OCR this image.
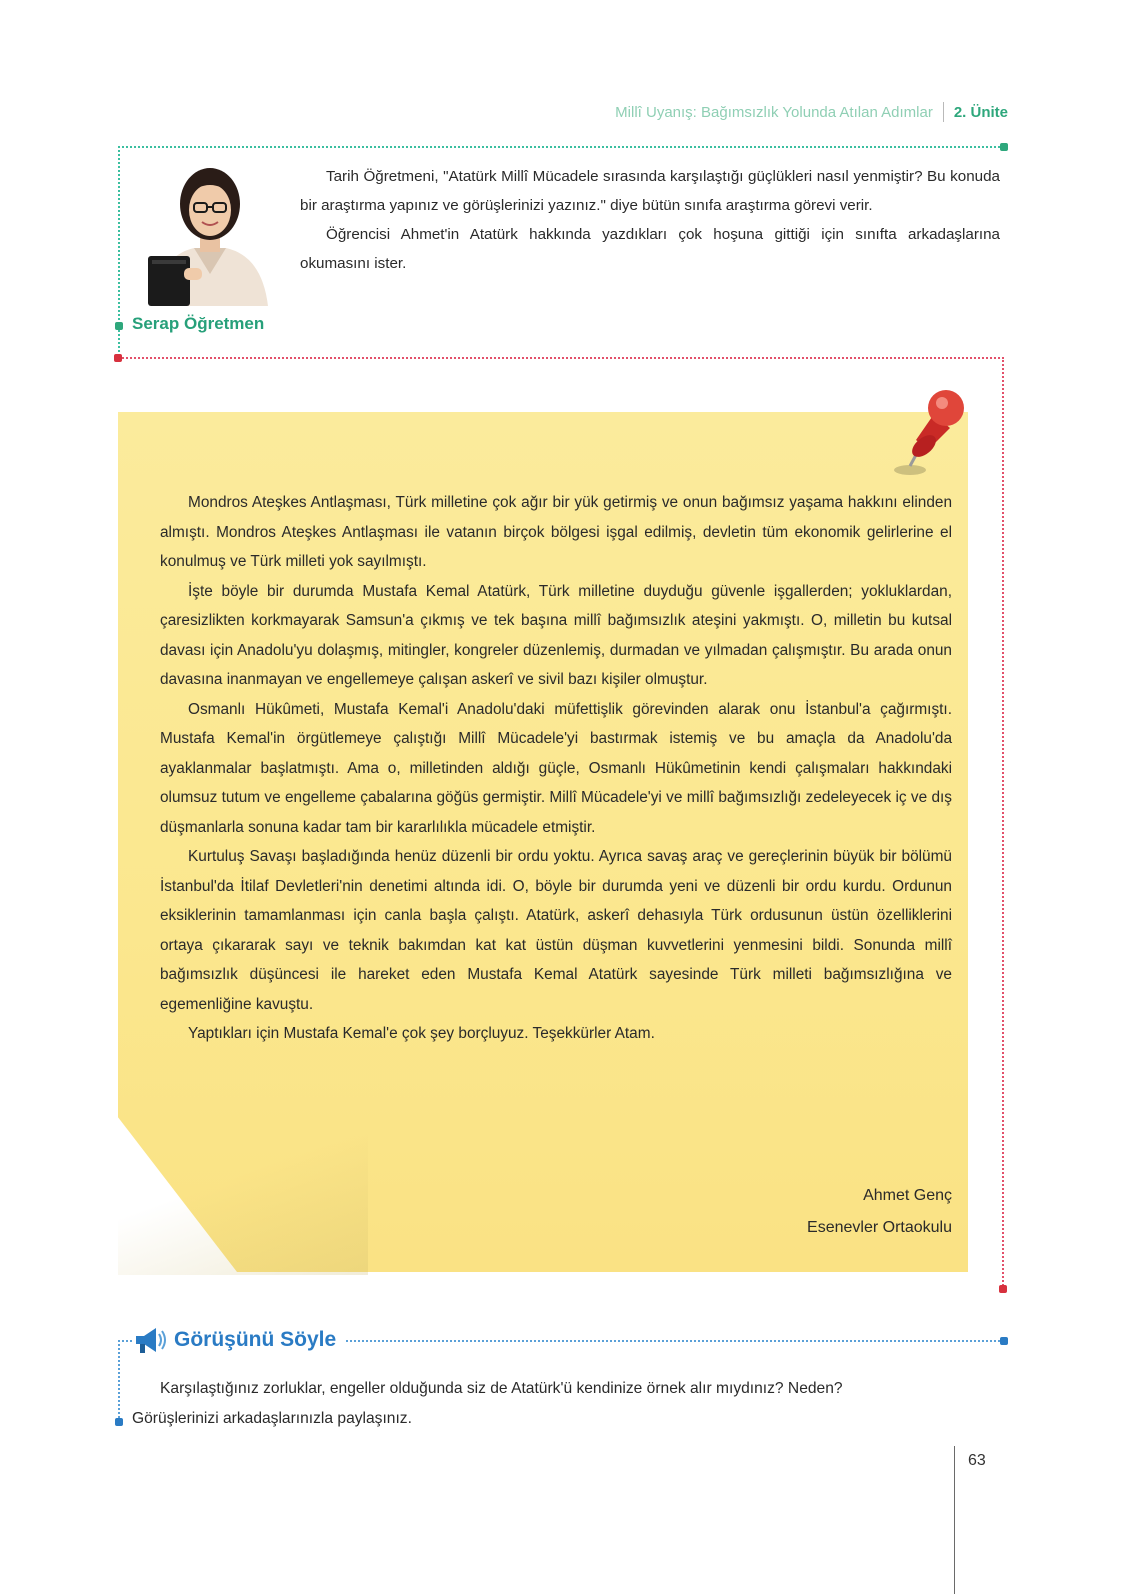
Millî Uyanış: Bağımsızlık Yolunda Atılan Adımlar 2. Ünite
Serap Öğretmen

Tarih Öğretmeni, "Atatürk Millî Mücadele sırasında karşılaştığı güçlükleri nasıl yenmiştir? Bu konuda bir araştırma yapınız ve görüşlerinizi yazınız." diye bütün sınıfa araştırma görevi verir.

Öğrencisi Ahmet'in Atatürk hakkında yazdıkları çok hoşuna gittiği için sınıfta arkadaşlarına okumasını ister.

Mondros Ateşkes Antlaşması, Türk milletine çok ağır bir yük getirmiş ve onun bağımsız yaşama hakkını elinden almıştı. Mondros Ateşkes Antlaşması ile vatanın birçok bölgesi işgal edilmiş, devletin tüm ekonomik gelirlerine el konulmuş ve Türk milleti yok sayılmıştı.

İşte böyle bir durumda Mustafa Kemal Atatürk, Türk milletine duyduğu güvenle işgallerden; yokluklardan, çaresizlikten korkmayarak Samsun'a çıkmış ve tek başına millî bağımsızlık ateşini yakmıştı. O, milletin bu kutsal davası için Anadolu'yu dolaşmış, mitingler, kongreler düzenlemiş, durmadan ve yılmadan çalışmıştır. Bu arada onun davasına inanmayan ve engellemeye çalışan askerî ve sivil bazı kişiler olmuştur.

Osmanlı Hükûmeti, Mustafa Kemal'i Anadolu'daki müfettişlik görevinden alarak onu İstanbul'a çağırmıştı. Mustafa Kemal'in örgütlemeye çalıştığı Millî Mücadele'yi bastırmak istemiş ve bu amaçla da Anadolu'da ayaklanmalar başlatmıştı. Ama o, milletinden aldığı güçle, Osmanlı Hükûmetinin kendi çalışmaları hakkındaki olumsuz tutum ve engelleme çabalarına göğüs germiştir. Millî Mücadele'yi ve millî bağımsızlığı zedeleyecek iç ve dış düşmanlarla sonuna kadar tam bir kararlılıkla mücadele etmiştir.

Kurtuluş Savaşı başladığında henüz düzenli bir ordu yoktu. Ayrıca savaş araç ve gereçlerinin büyük bir bölümü İstanbul'da İtilaf Devletleri'nin denetimi altında idi. O, böyle bir durumda yeni ve düzenli bir ordu kurdu. Ordunun eksiklerinin tamamlanması için canla başla çalıştı. Atatürk, askerî dehasıyla Türk ordusunun üstün özelliklerini ortaya çıkararak sayı ve teknik bakımdan kat kat üstün düşman kuvvetlerini yenmesini bildi. Sonunda millî bağımsızlık düşüncesi ile hareket eden Mustafa Kemal Atatürk sayesinde Türk milleti bağımsızlığına ve egemenliğine kavuştu.

Yaptıkları için Mustafa Kemal'e çok şey borçluyuz. Teşekkürler Atam.

Ahmet Genç
Esenevler Ortaokulu
Görüşünü Söyle

Karşılaştığınız zorluklar, engeller olduğunda siz de Atatürk'ü kendinize örnek alır mıydınız? Neden?

Görüşlerinizi arkadaşlarınızla paylaşınız.

63
